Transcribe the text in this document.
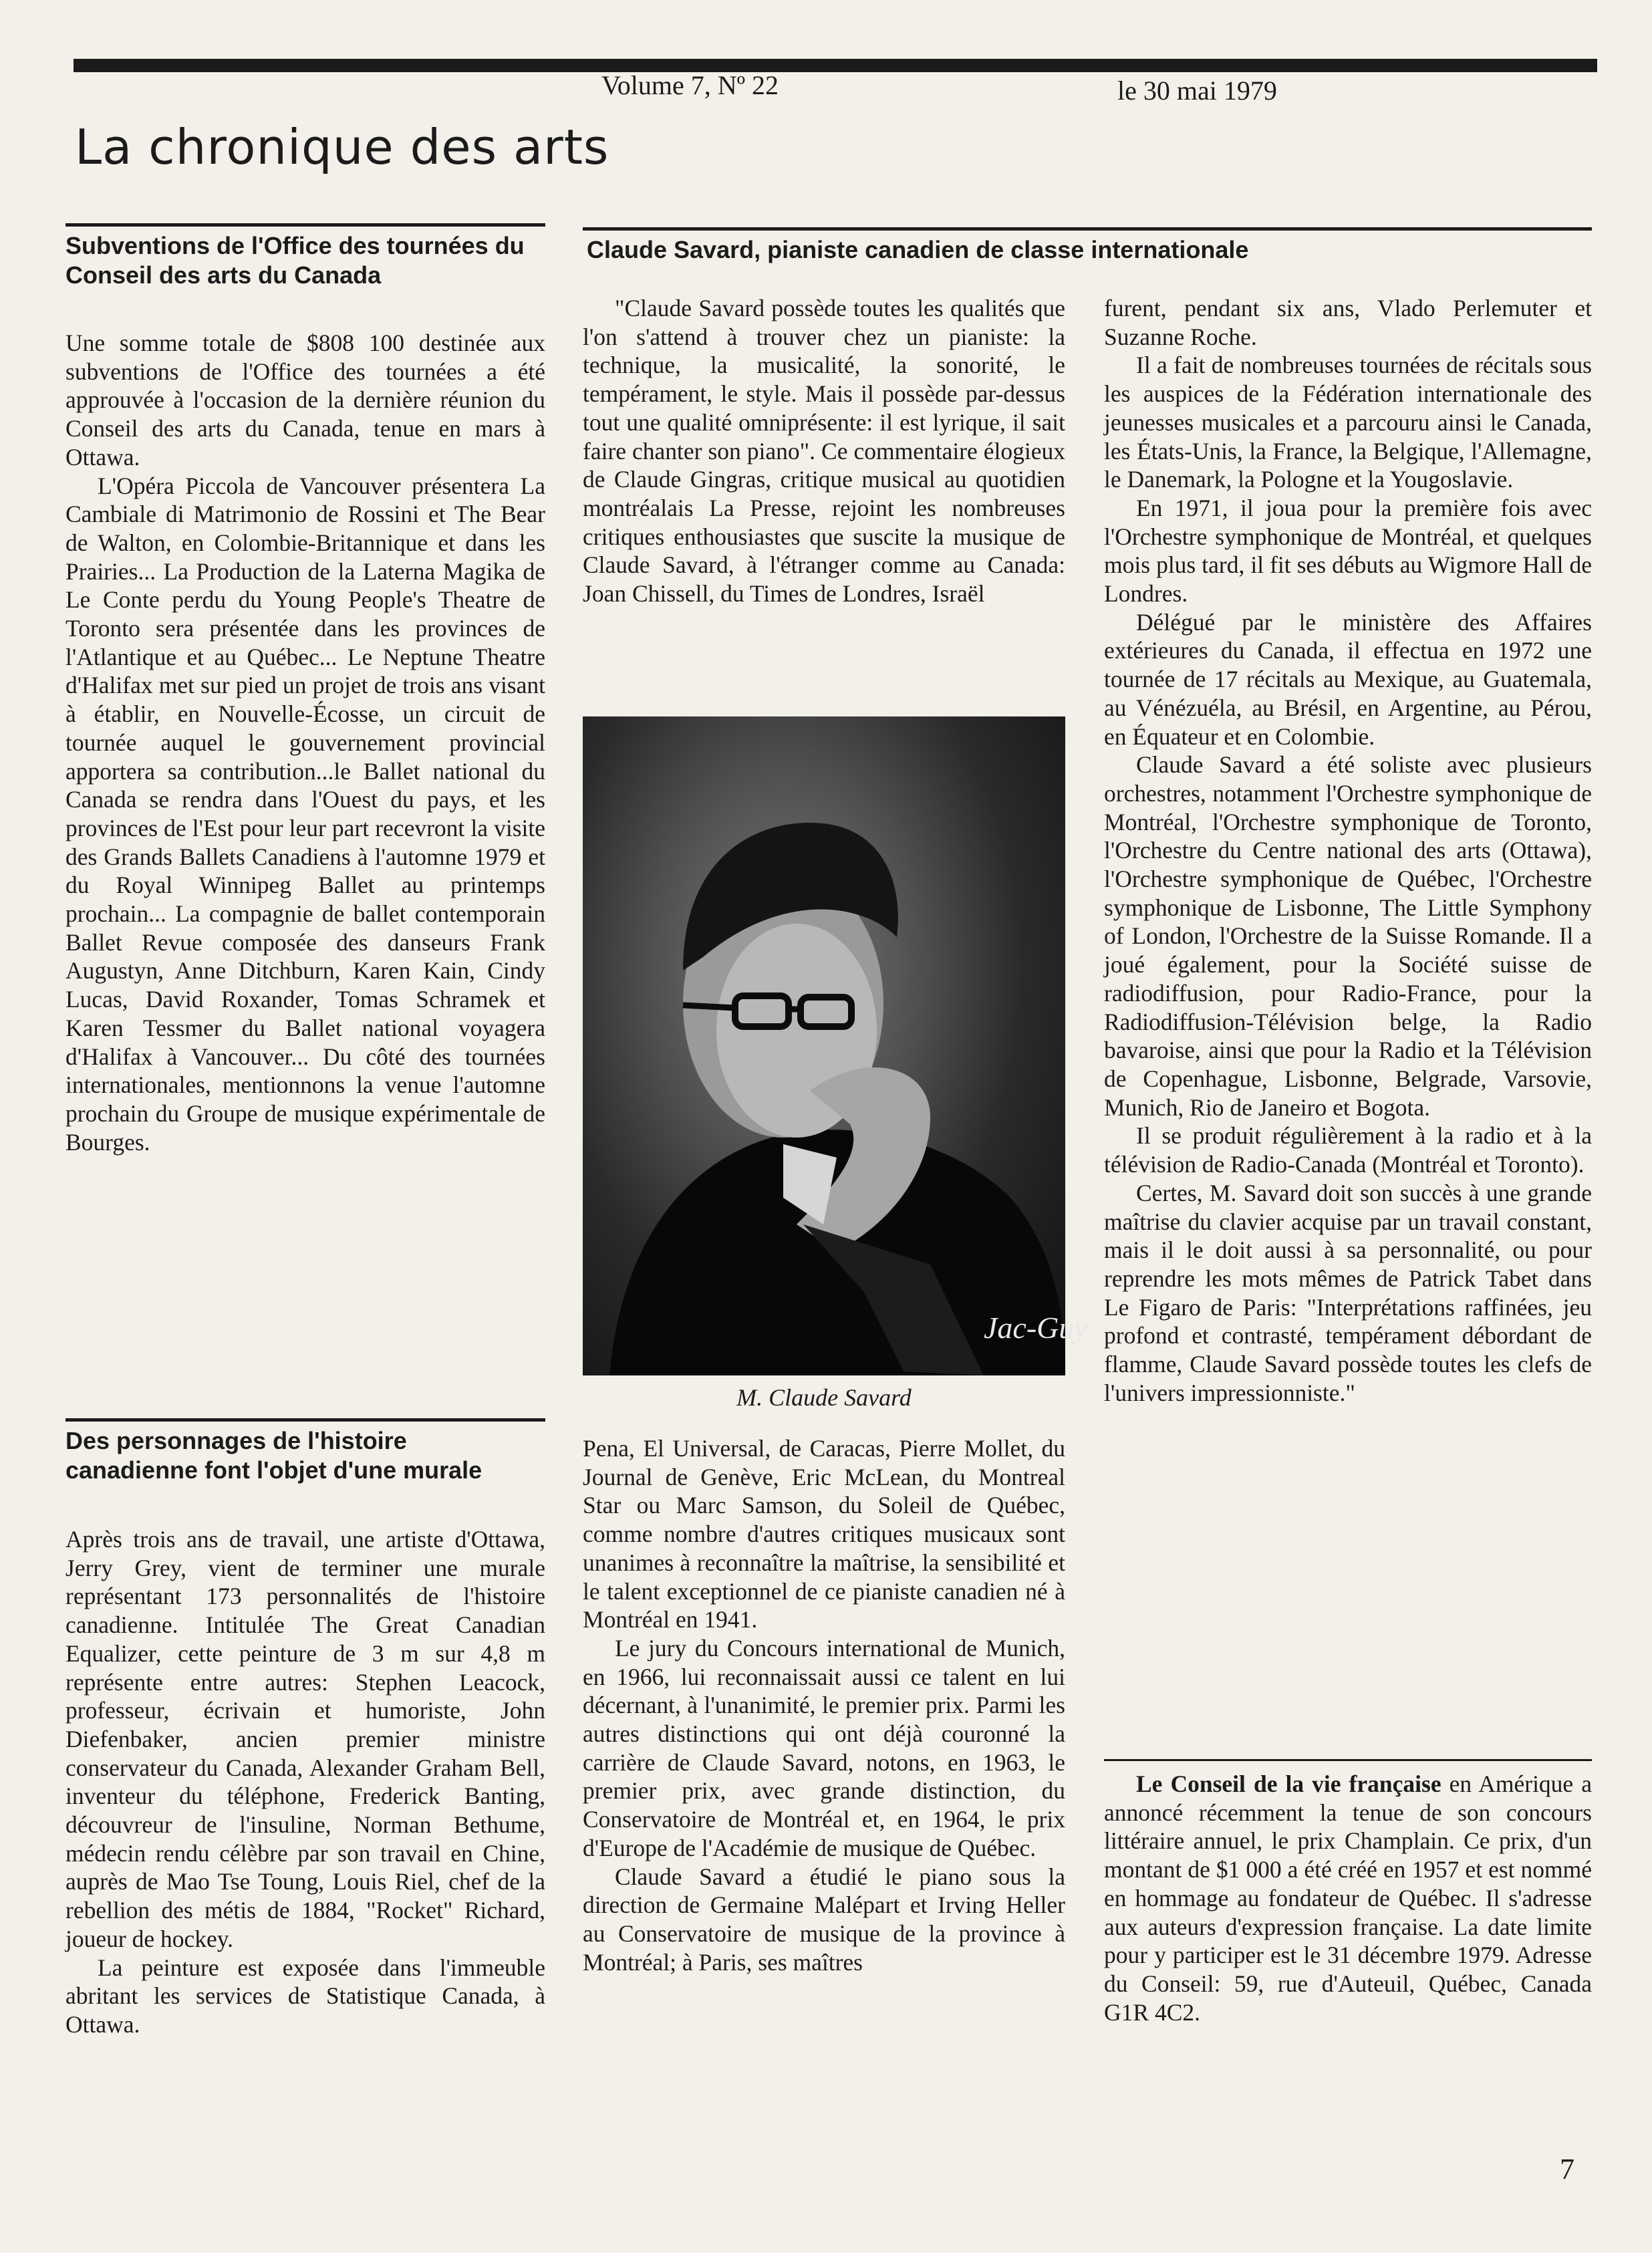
Volume 7, Nº 22	le 30 mai 1979
La chronique des arts
Subventions de l'Office des tournées du Conseil des arts du Canada

Une somme totale de $808 100 destinée aux subventions de l'Office des tournées a été approuvée à l'occasion de la dernière réunion du Conseil des arts du Canada, tenue en mars à Ottawa.

L'Opéra Piccola de Vancouver présentera La Cambiale di Matrimonio de Rossini et The Bear de Walton, en Colombie-Britannique et dans les Prairies... La Production de la Laterna Magika de Le Conte perdu du Young People's Theatre de Toronto sera présentée dans les provinces de l'Atlantique et au Québec... Le Neptune Theatre d'Halifax met sur pied un projet de trois ans visant à établir, en Nouvelle-Écosse, un circuit de tournée auquel le gouvernement provincial apportera sa contribution...le Ballet national du Canada se rendra dans l'Ouest du pays, et les provinces de l'Est pour leur part recevront la visite des Grands Ballets Canadiens à l'automne 1979 et du Royal Winnipeg Ballet au printemps prochain... La compagnie de ballet contemporain Ballet Revue composée des danseurs Frank Augustyn, Anne Ditchburn, Karen Kain, Cindy Lucas, David Roxander, Tomas Schramek et Karen Tessmer du Ballet national voyagera d'Halifax à Vancouver... Du côté des tournées internationales, mentionnons la venue l'automne prochain du Groupe de musique expérimentale de Bourges.

Des personnages de l'histoire canadienne font l'objet d'une murale

Après trois ans de travail, une artiste d'Ottawa, Jerry Grey, vient de terminer une murale représentant 173 personnalités de l'histoire canadienne. Intitulée The Great Canadian Equalizer, cette peinture de 3 m sur 4,8 m représente entre autres: Stephen Leacock, professeur, écrivain et humoriste, John Diefenbaker, ancien premier ministre conservateur du Canada, Alexander Graham Bell, inventeur du téléphone, Frederick Banting, découvreur de l'insuline, Norman Bethume, médecin rendu célèbre par son travail en Chine, auprès de Mao Tse Toung, Louis Riel, chef de la rebellion des métis de 1884, "Rocket" Richard, joueur de hockey.

La peinture est exposée dans l'immeuble abritant les services de Statistique Canada, à Ottawa.

Claude Savard, pianiste canadien de classe internationale

"Claude Savard possède toutes les qualités que l'on s'attend à trouver chez un pianiste: la technique, la musicalité, la sonorité, le tempérament, le style. Mais il possède par-dessus tout une qualité omniprésente: il est lyrique, il sait faire chanter son piano". Ce commentaire élogieux de Claude Gingras, critique musical au quotidien montréalais La Presse, rejoint les nombreuses critiques enthousiastes que suscite la musique de Claude Savard, à l'étranger comme au Canada: Joan Chissell, du Times de Londres, Israël

Jac-Guy
M. Claude Savard

Pena, El Universal, de Caracas, Pierre Mollet, du Journal de Genève, Eric McLean, du Montreal Star ou Marc Samson, du Soleil de Québec, comme nombre d'autres critiques musicaux sont unanimes à reconnaître la maîtrise, la sensibilité et le talent exceptionnel de ce pianiste canadien né à Montréal en 1941.

Le jury du Concours international de Munich, en 1966, lui reconnaissait aussi ce talent en lui décernant, à l'unanimité, le premier prix. Parmi les autres distinctions qui ont déjà couronné la carrière de Claude Savard, notons, en 1963, le premier prix, avec grande distinction, du Conservatoire de Montréal et, en 1964, le prix d'Europe de l'Académie de musique de Québec.

Claude Savard a étudié le piano sous la direction de Germaine Malépart et Irving Heller au Conservatoire de musique de la province à Montréal; à Paris, ses maîtres

furent, pendant six ans, Vlado Perlemuter et Suzanne Roche.

Il a fait de nombreuses tournées de récitals sous les auspices de la Fédération internationale des jeunesses musicales et a parcouru ainsi le Canada, les États-Unis, la France, la Belgique, l'Allemagne, le Danemark, la Pologne et la Yougoslavie.

En 1971, il joua pour la première fois avec l'Orchestre symphonique de Montréal, et quelques mois plus tard, il fit ses débuts au Wigmore Hall de Londres.

Délégué par le ministère des Affaires extérieures du Canada, il effectua en 1972 une tournée de 17 récitals au Mexique, au Guatemala, au Vénézuéla, au Brésil, en Argentine, au Pérou, en Équateur et en Colombie.

Claude Savard a été soliste avec plusieurs orchestres, notamment l'Orchestre symphonique de Montréal, l'Orchestre symphonique de Toronto, l'Orchestre du Centre national des arts (Ottawa), l'Orchestre symphonique de Québec, l'Orchestre symphonique de Lisbonne, The Little Symphony of London, l'Orchestre de la Suisse Romande. Il a joué également, pour la Société suisse de radiodiffusion, pour Radio-France, pour la Radiodiffusion-Télévision belge, la Radio bavaroise, ainsi que pour la Radio et la Télévision de Copenhague, Lisbonne, Belgrade, Varsovie, Munich, Rio de Janeiro et Bogota.

Il se produit régulièrement à la radio et à la télévision de Radio-Canada (Montréal et Toronto).

Certes, M. Savard doit son succès à une grande maîtrise du clavier acquise par un travail constant, mais il le doit aussi à sa personnalité, ou pour reprendre les mots mêmes de Patrick Tabet dans Le Figaro de Paris: "Interprétations raffinées, jeu profond et contrasté, tempérament débordant de flamme, Claude Savard possède toutes les clefs de l'univers impressionniste."

Le Conseil de la vie française en Amérique a annoncé récemment la tenue de son concours littéraire annuel, le prix Champlain. Ce prix, d'un montant de $1 000 a été créé en 1957 et est nommé en hommage au fondateur de Québec. Il s'adresse aux auteurs d'expression française. La date limite pour y participer est le 31 décembre 1979. Adresse du Conseil: 59, rue d'Auteuil, Québec, Canada G1R 4C2.

7
